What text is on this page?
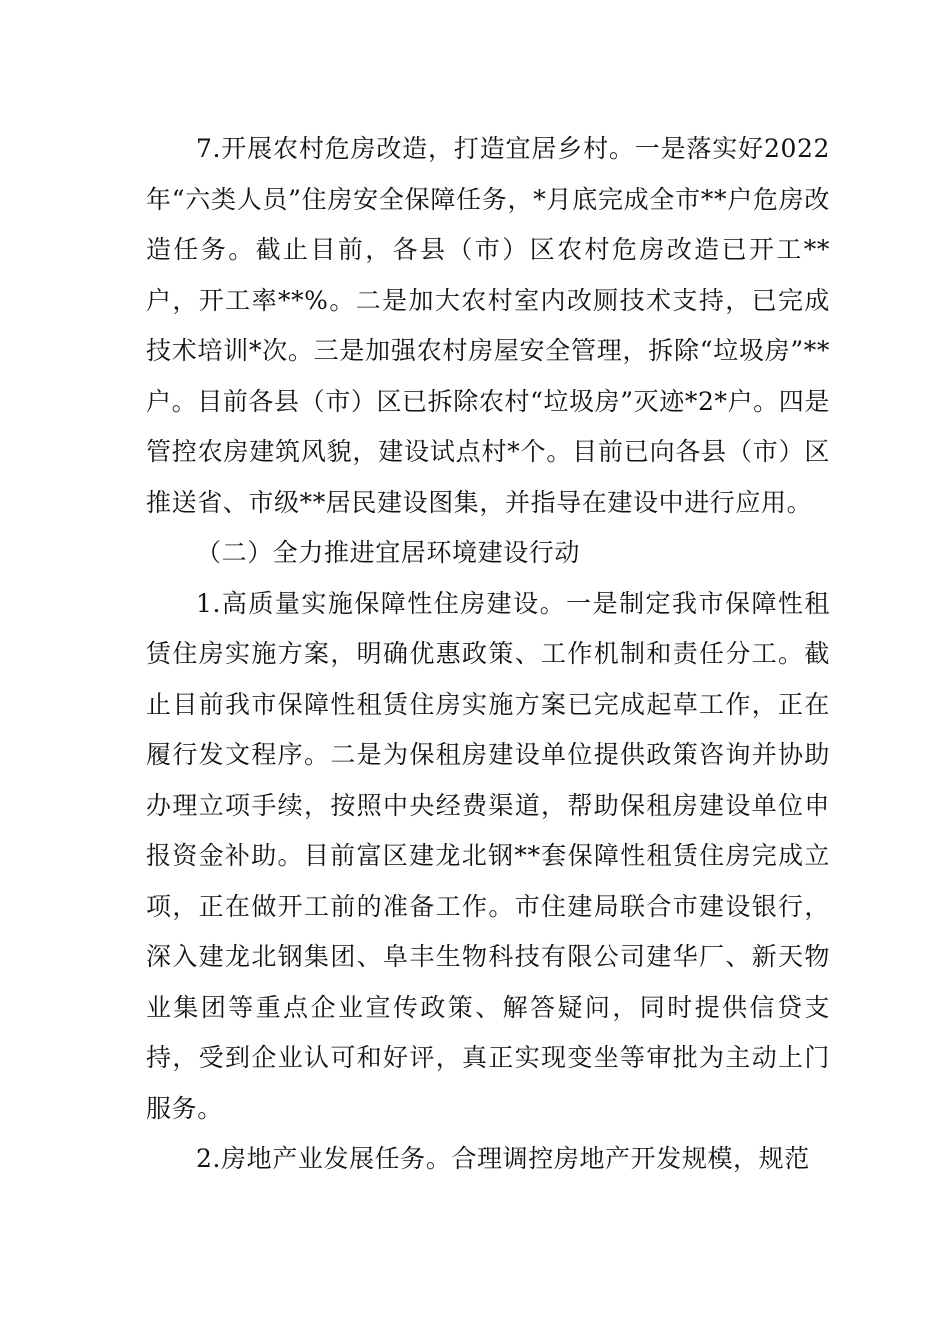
7.开展农村危房改造，打造宜居乡村。一是落实好2022年“六类人员”住房安全保障任务，*月底完成全市**户危房改造任务。截止目前，各县（市）区农村危房改造已开工**户，开工率**%。二是加大农村室内改厕技术支持，已完成技术培训*次。三是加强农村房屋安全管理，拆除“垃圾房”**户。目前各县（市）区已拆除农村“垃圾房”灭迹*2*户。四是管控农房建筑风貌，建设试点村*个。目前已向各县（市）区推送省、市级**居民建设图集，并指导在建设中进行应用。

（二）全力推进宜居环境建设行动

1.高质量实施保障性住房建设。一是制定我市保障性租赁住房实施方案，明确优惠政策、工作机制和责任分工。截止目前我市保障性租赁住房实施方案已完成起草工作，正在履行发文程序。二是为保租房建设单位提供政策咨询并协助办理立项手续，按照中央经费渠道，帮助保租房建设单位申报资金补助。目前富区建龙北钢**套保障性租赁住房完成立项，正在做开工前的准备工作。市住建局联合市建设银行，深入建龙北钢集团、阜丰生物科技有限公司建华厂、新天物业集团等重点企业宣传政策、解答疑问，同时提供信贷支持，受到企业认可和好评，真正实现变坐等审批为主动上门服务。

2.房地产业发展任务。合理调控房地产开发规模，规范
